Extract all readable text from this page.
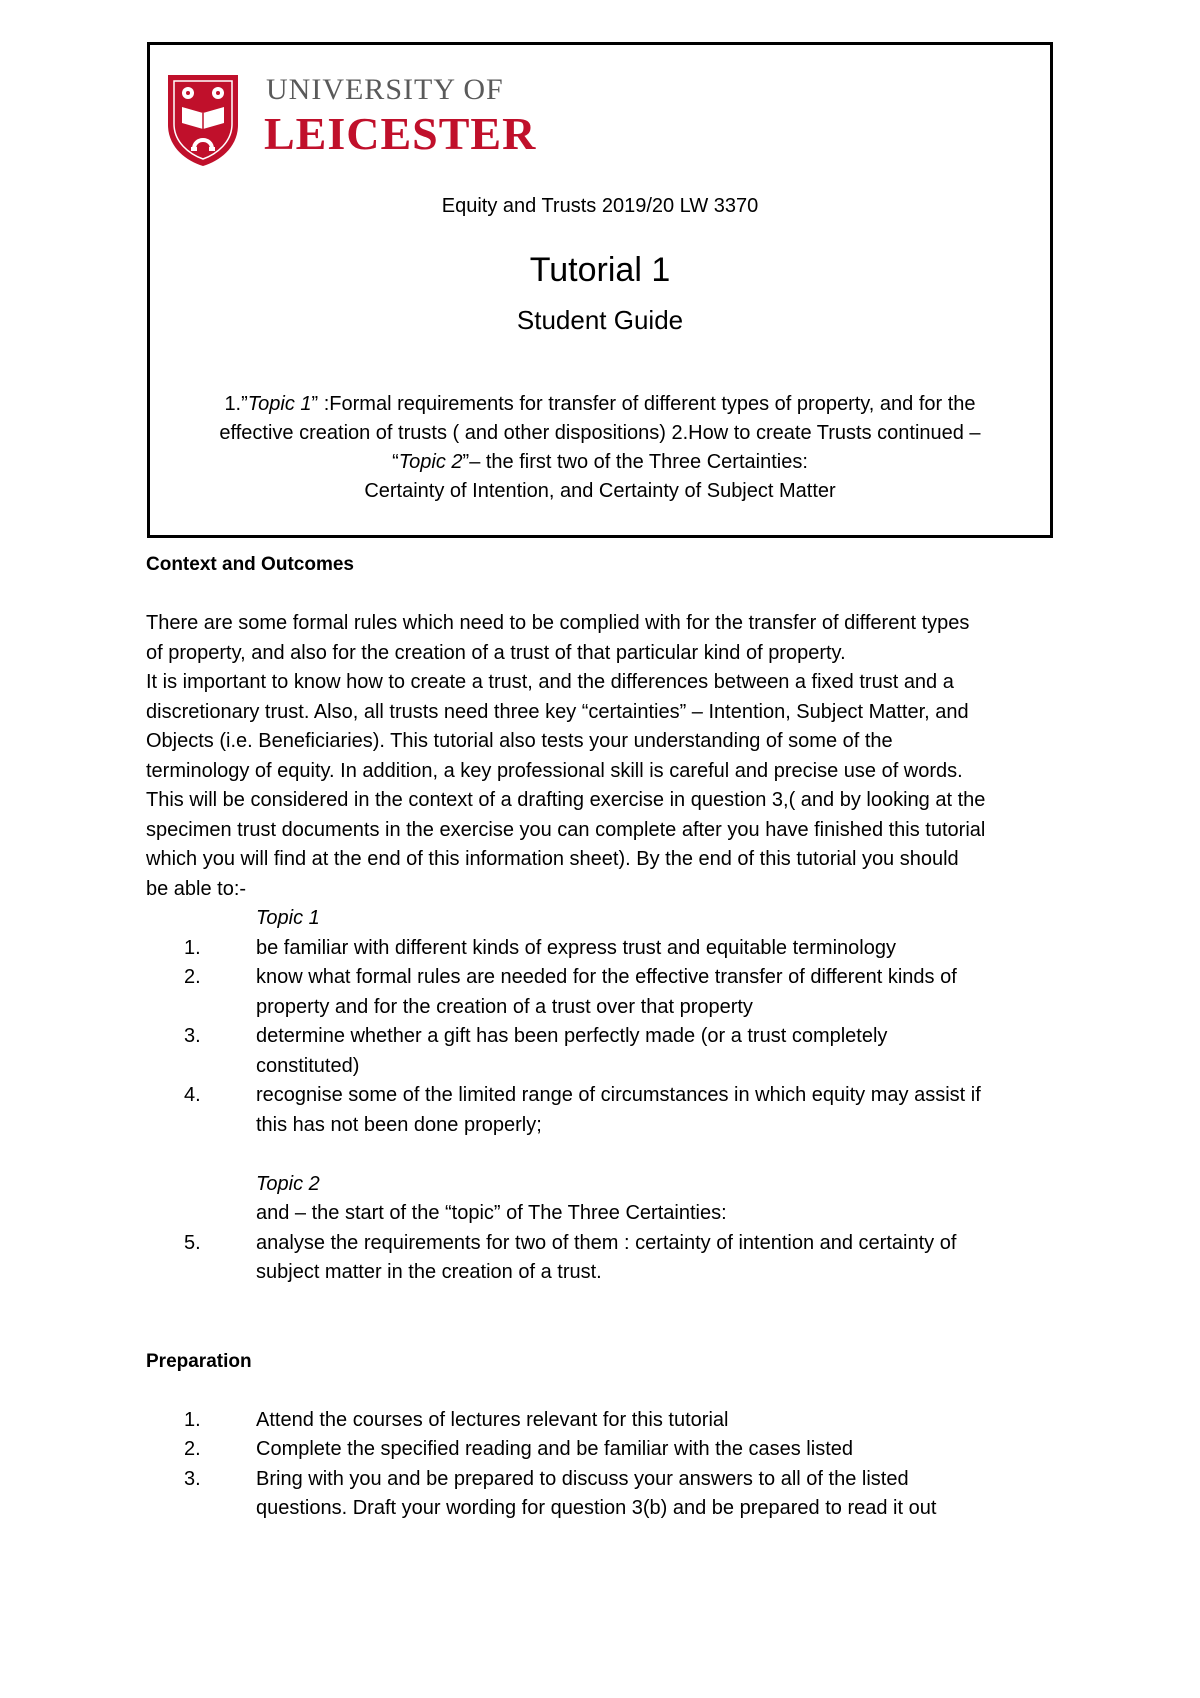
UNIVERSITY OF
LEICESTER
Equity and Trusts 2019/20 LW 3370
Tutorial 1
Student Guide
1.”Topic 1” :Formal requirements for transfer of different types of property, and for the
effective creation of trusts ( and other dispositions) 2.How to create Trusts continued –
“Topic 2”– the first two of the Three Certainties:
Certainty of Intention, and Certainty of Subject Matter
Context and Outcomes
There are some formal rules which need to be complied with for the transfer of different types
of property, and also for the creation of a trust of that particular kind of property.
It is important to know how to create a trust, and the differences between a fixed trust and a
discretionary trust. Also, all trusts need three key “certainties” – Intention, Subject Matter, and
Objects (i.e. Beneficiaries). This tutorial also tests your understanding of some of the
terminology of equity. In addition, a key professional skill is careful and precise use of words.
This will be considered in the context of a drafting exercise in question 3,( and by looking at the
specimen trust documents in the exercise you can complete after you have finished this tutorial
which you will find at the end of this information sheet). By the end of this tutorial you should
be able to:-
Topic 1
1.	be familiar with different kinds of express trust and equitable terminology
2.	know what formal rules are needed for the effective transfer of different kinds of
property and for the creation of a trust over that property
3.	determine whether a gift has been perfectly made (or a trust completely
constituted)
4.	recognise some of the limited range of circumstances in which equity may assist if
this has not been done properly;
Topic 2
and – the start of the “topic” of The Three Certainties:
5.	analyse the requirements for two of them : certainty of intention and certainty of
subject matter in the creation of a trust.
Preparation
1.	Attend the courses of lectures relevant for this tutorial
2.	Complete the specified reading and be familiar with the cases listed
3.	Bring with you and be prepared to discuss your answers to all of the listed
questions. Draft your wording for question 3(b) and be prepared to read it out
